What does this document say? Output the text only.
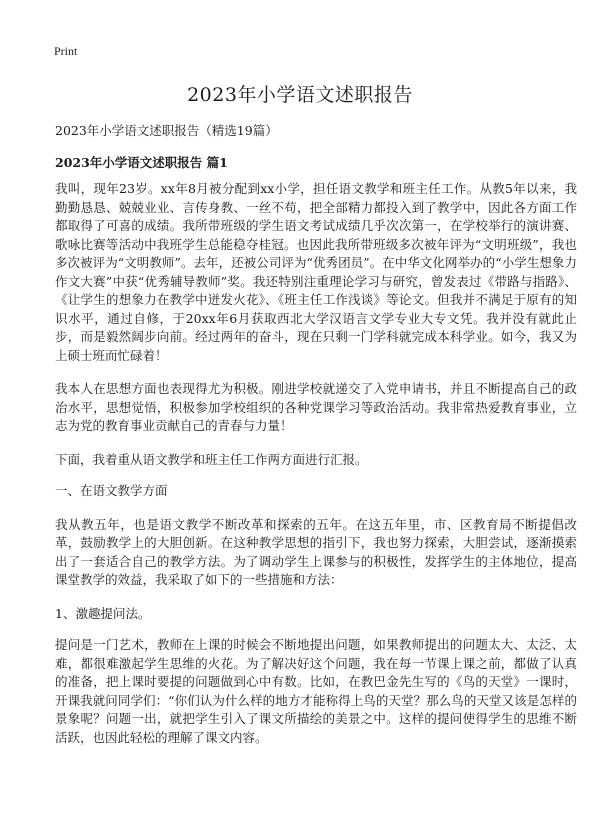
Print
2023年小学语文述职报告

2023年小学语文述职报告（精选19篇）

2023年小学语文述职报告 篇1

我叫，现年23岁。xx年8月被分配到xx小学，担任语文教学和班主任工作。从教5年以来，我勤勤恳恳、兢兢业业、言传身教、一丝不苟，把全部精力都投入到了教学中，因此各方面工作都取得了可喜的成绩。我所带班级的学生语文考试成绩几乎次次第一，在学校举行的演讲赛、歌咏比赛等活动中我班学生总能稳夺桂冠。也因此我所带班级多次被年评为“文明班级”，我也多次被评为“文明教师”。去年，还被公司评为“优秀团员”。在中华文化网举办的“小学生想象力作文大赛”中获“优秀辅导教师”奖。我还特别注重理论学习与研究，曾发表过《带路与指路》、《让学生的想象力在教学中迸发火花》、《班主任工作浅谈》等论文。但我并不满足于原有的知识水平，通过自修，于20xx年6月获取西北大学汉语言文学专业大专文凭。我并没有就此止步，而是毅然阔步向前。经过两年的奋斗，现在只剩一门学科就完成本科学业。如今，我又为上硕士班而忙碌着！

我本人在思想方面也表现得尤为积极。刚进学校就递交了入党申请书，并且不断提高自己的政治水平，思想觉悟，积极参加学校组织的各种党课学习等政治活动。我非常热爱教育事业，立志为党的教育事业贡献自己的青春与力量！

下面，我着重从语文教学和班主任工作两方面进行汇报。

一、在语文教学方面

我从教五年，也是语文教学不断改革和探索的五年。在这五年里，市、区教育局不断提倡改革，鼓励教学上的大胆创新。在这种教学思想的指引下，我也努力探索，大胆尝试，逐渐摸索出了一套适合自己的教学方法。为了调动学生上课参与的积极性，发挥学生的主体地位，提高课堂教学的效益，我采取了如下的一些措施和方法：

1、激趣提问法。

提问是一门艺术，教师在上课的时候会不断地提出问题，如果教师提出的问题太大、太泛、太难，都很难激起学生思维的火花。为了解决好这个问题，我在每一节课上课之前，都做了认真的准备，把上课时要提的问题做到心中有数。比如，在教巴金先生写的《鸟的天堂》一课时，开课我就问同学们：“你们认为什么样的地方才能称得上鸟的天堂？那么鸟的天堂又该是怎样的景象呢？问题一出，就把学生引入了课文所描绘的美景之中。这样的提问使得学生的思维不断活跃，也因此轻松的理解了课文内容。
